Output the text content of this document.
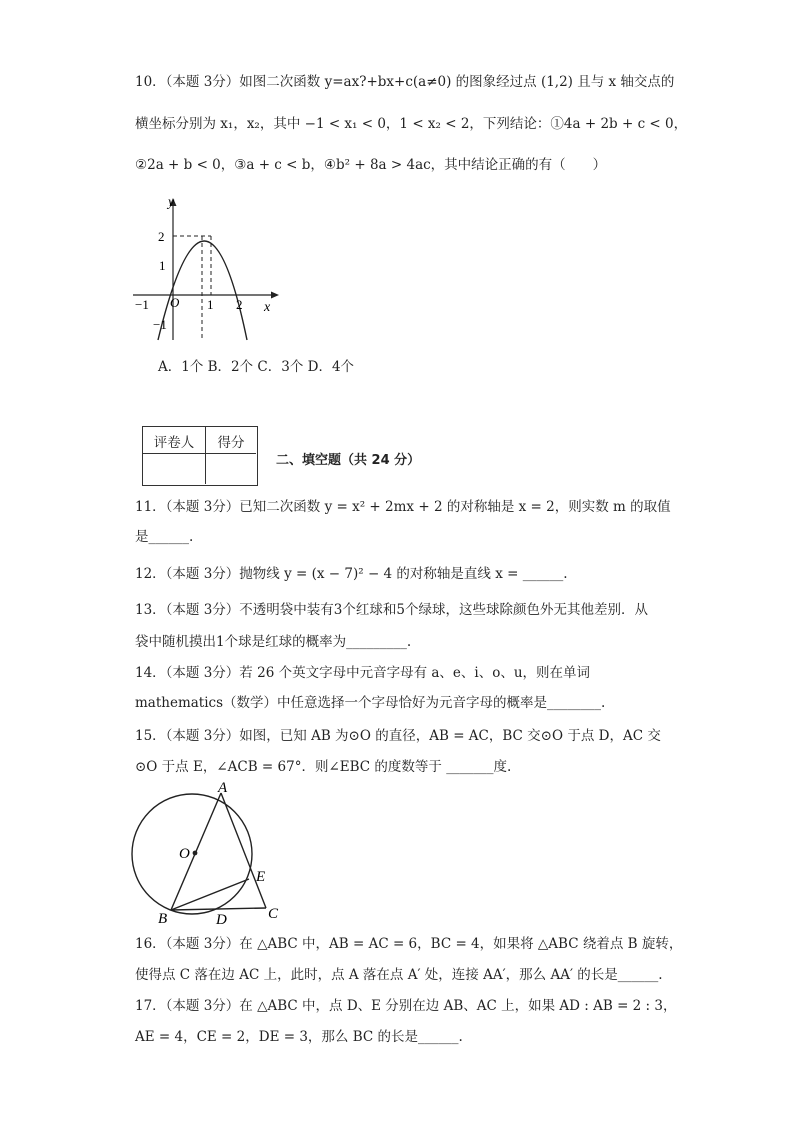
10．（本题 3分）如图二次函数 y=ax?+bx+c(a≠0) 的图象经过点 (1,2) 且与 x 轴交点的
横坐标分别为 x₁，x₂，其中 −1 < x₁ < 0，1 < x₂ < 2，下列结论：①4a + 2b + c < 0，
②2a + b < 0，③a + c < b，④b² + 8a > 4ac，其中结论正确的有（　　）
y
x
O
2
1
−1
−1	1 2
A．1个 B．2个 C．3个 D．4个
评卷人	得分
二、填空题（共 24 分）
11．（本题 3分）已知二次函数 y = x² + 2mx + 2 的对称轴是 x = 2，则实数 m 的取值
是______.
12．（本题 3分）抛物线 y = (x − 7)² − 4 的对称轴是直线 x = ______.
13．（本题 3分）不透明袋中装有3个红球和5个绿球，这些球除颜色外无其他差别．从
袋中随机摸出1个球是红球的概率为_________.
14．（本题 3分）若 26 个英文字母中元音字母有 a、e、i、o、u，则在单词
mathematics（数学）中任意选择一个字母恰好为元音字母的概率是________.
15．（本题 3分）如图，已知 AB 为⊙O 的直径，AB = AC，BC 交⊙O 于点 D，AC 交
⊙O 于点 E，∠ACB = 67°．则∠EBC 的度数等于 _______度.
A
O
E
B	D	C
16．（本题 3分）在 △ABC 中，AB = AC = 6，BC = 4，如果将 △ABC 绕着点 B 旋转，
使得点 C 落在边 AC 上，此时，点 A 落在点 A′ 处，连接 AA′，那么 AA′ 的长是______.
17．（本题 3分）在 △ABC 中，点 D、E 分别在边 AB、AC 上，如果 AD : AB = 2 : 3，
AE = 4，CE = 2，DE = 3，那么 BC 的长是______.
